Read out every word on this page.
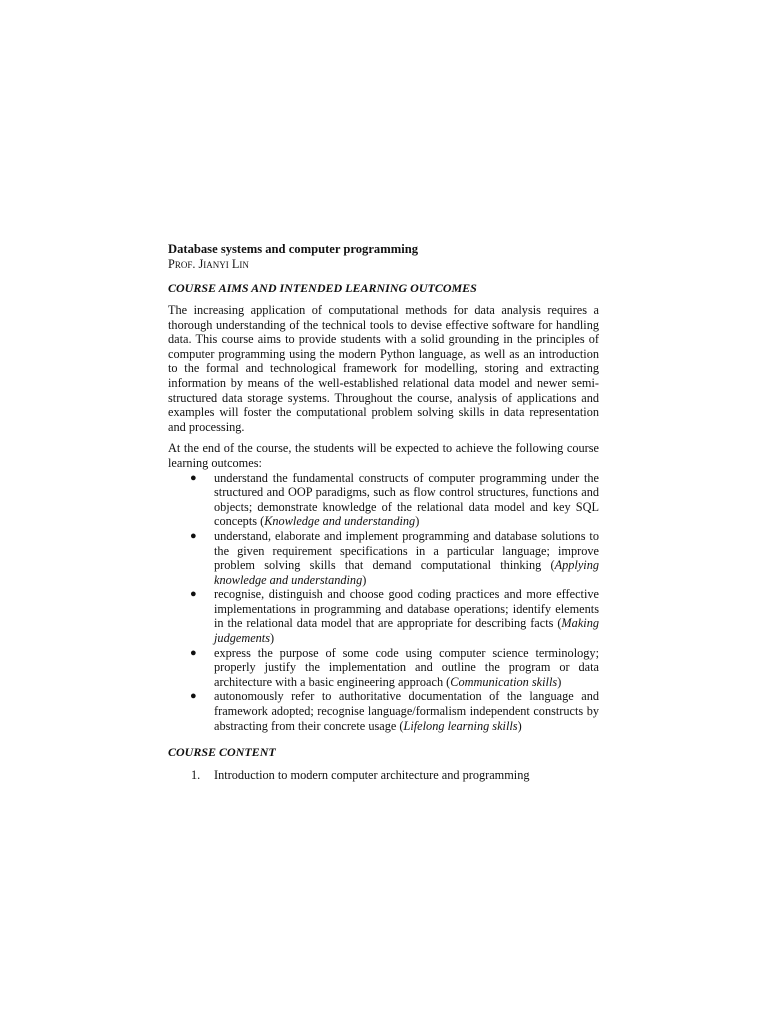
Database systems and computer programming

Prof. Jianyi Lin

COURSE AIMS AND INTENDED LEARNING OUTCOMES

The increasing application of computational methods for data analysis requires a thorough understanding of the technical tools to devise effective software for handling data. This course aims to provide students with a solid grounding in the principles of computer programming using the modern Python language, as well as an introduction to the formal and technological framework for modelling, storing and extracting information by means of the well-established relational data model and newer semi-structured data storage systems. Throughout the course, analysis of applications and examples will foster the computational problem solving skills in data representation and processing.

At the end of the course, the students will be expected to achieve the following course learning outcomes:

● understand the fundamental constructs of computer programming under the structured and OOP paradigms, such as flow control structures, functions and objects; demonstrate knowledge of the relational data model and key SQL concepts (Knowledge and understanding)
● understand, elaborate and implement programming and database solutions to the given requirement specifications in a particular language; improve problem solving skills that demand computational thinking (Applying knowledge and understanding)
● recognise, distinguish and choose good coding practices and more effective implementations in programming and database operations; identify elements in the relational data model that are appropriate for describing facts (Making judgements)
● express the purpose of some code using computer science terminology; properly justify the implementation and outline the program or data architecture with a basic engineering approach (Communication skills)
● autonomously refer to authoritative documentation of the language and framework adopted; recognise language/formalism independent constructs by abstracting from their concrete usage (Lifelong learning skills)

COURSE CONTENT

1. Introduction to modern computer architecture and programming
